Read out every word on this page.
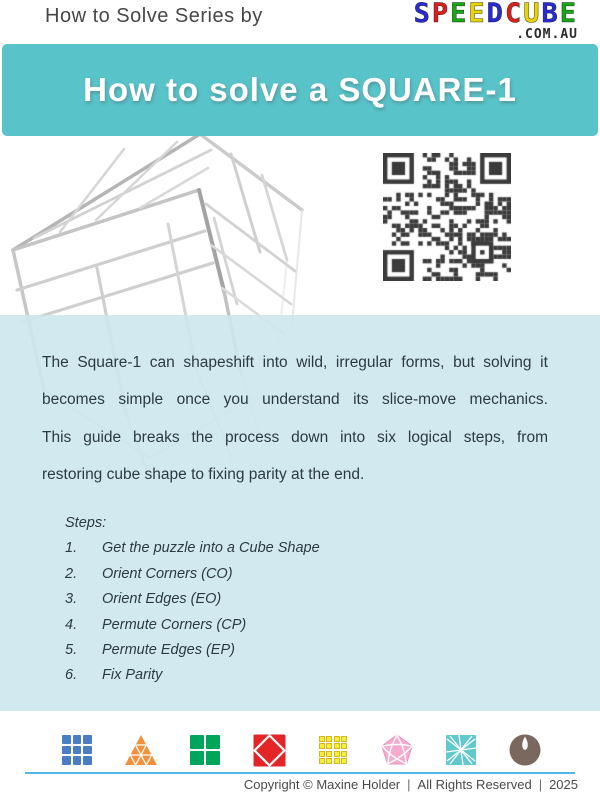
How to Solve Series by	SPEEDCUBE
.COM.AU
How to solve a SQUARE-1
The Square-1 can shapeshift into wild, irregular forms, but solving it
becomes simple once you understand its slice-move mechanics.
This guide breaks the process down into six logical steps, from
restoring cube shape to fixing parity at the end.
Steps:
1.	Get the puzzle into a Cube Shape
2.	Orient Corners (CO)
3.	Orient Edges (EO)
4.	Permute Corners (CP)
5.	Permute Edges (EP)
6.	Fix Parity
Copyright © Maxine Holder | All Rights Reserved | 2025
